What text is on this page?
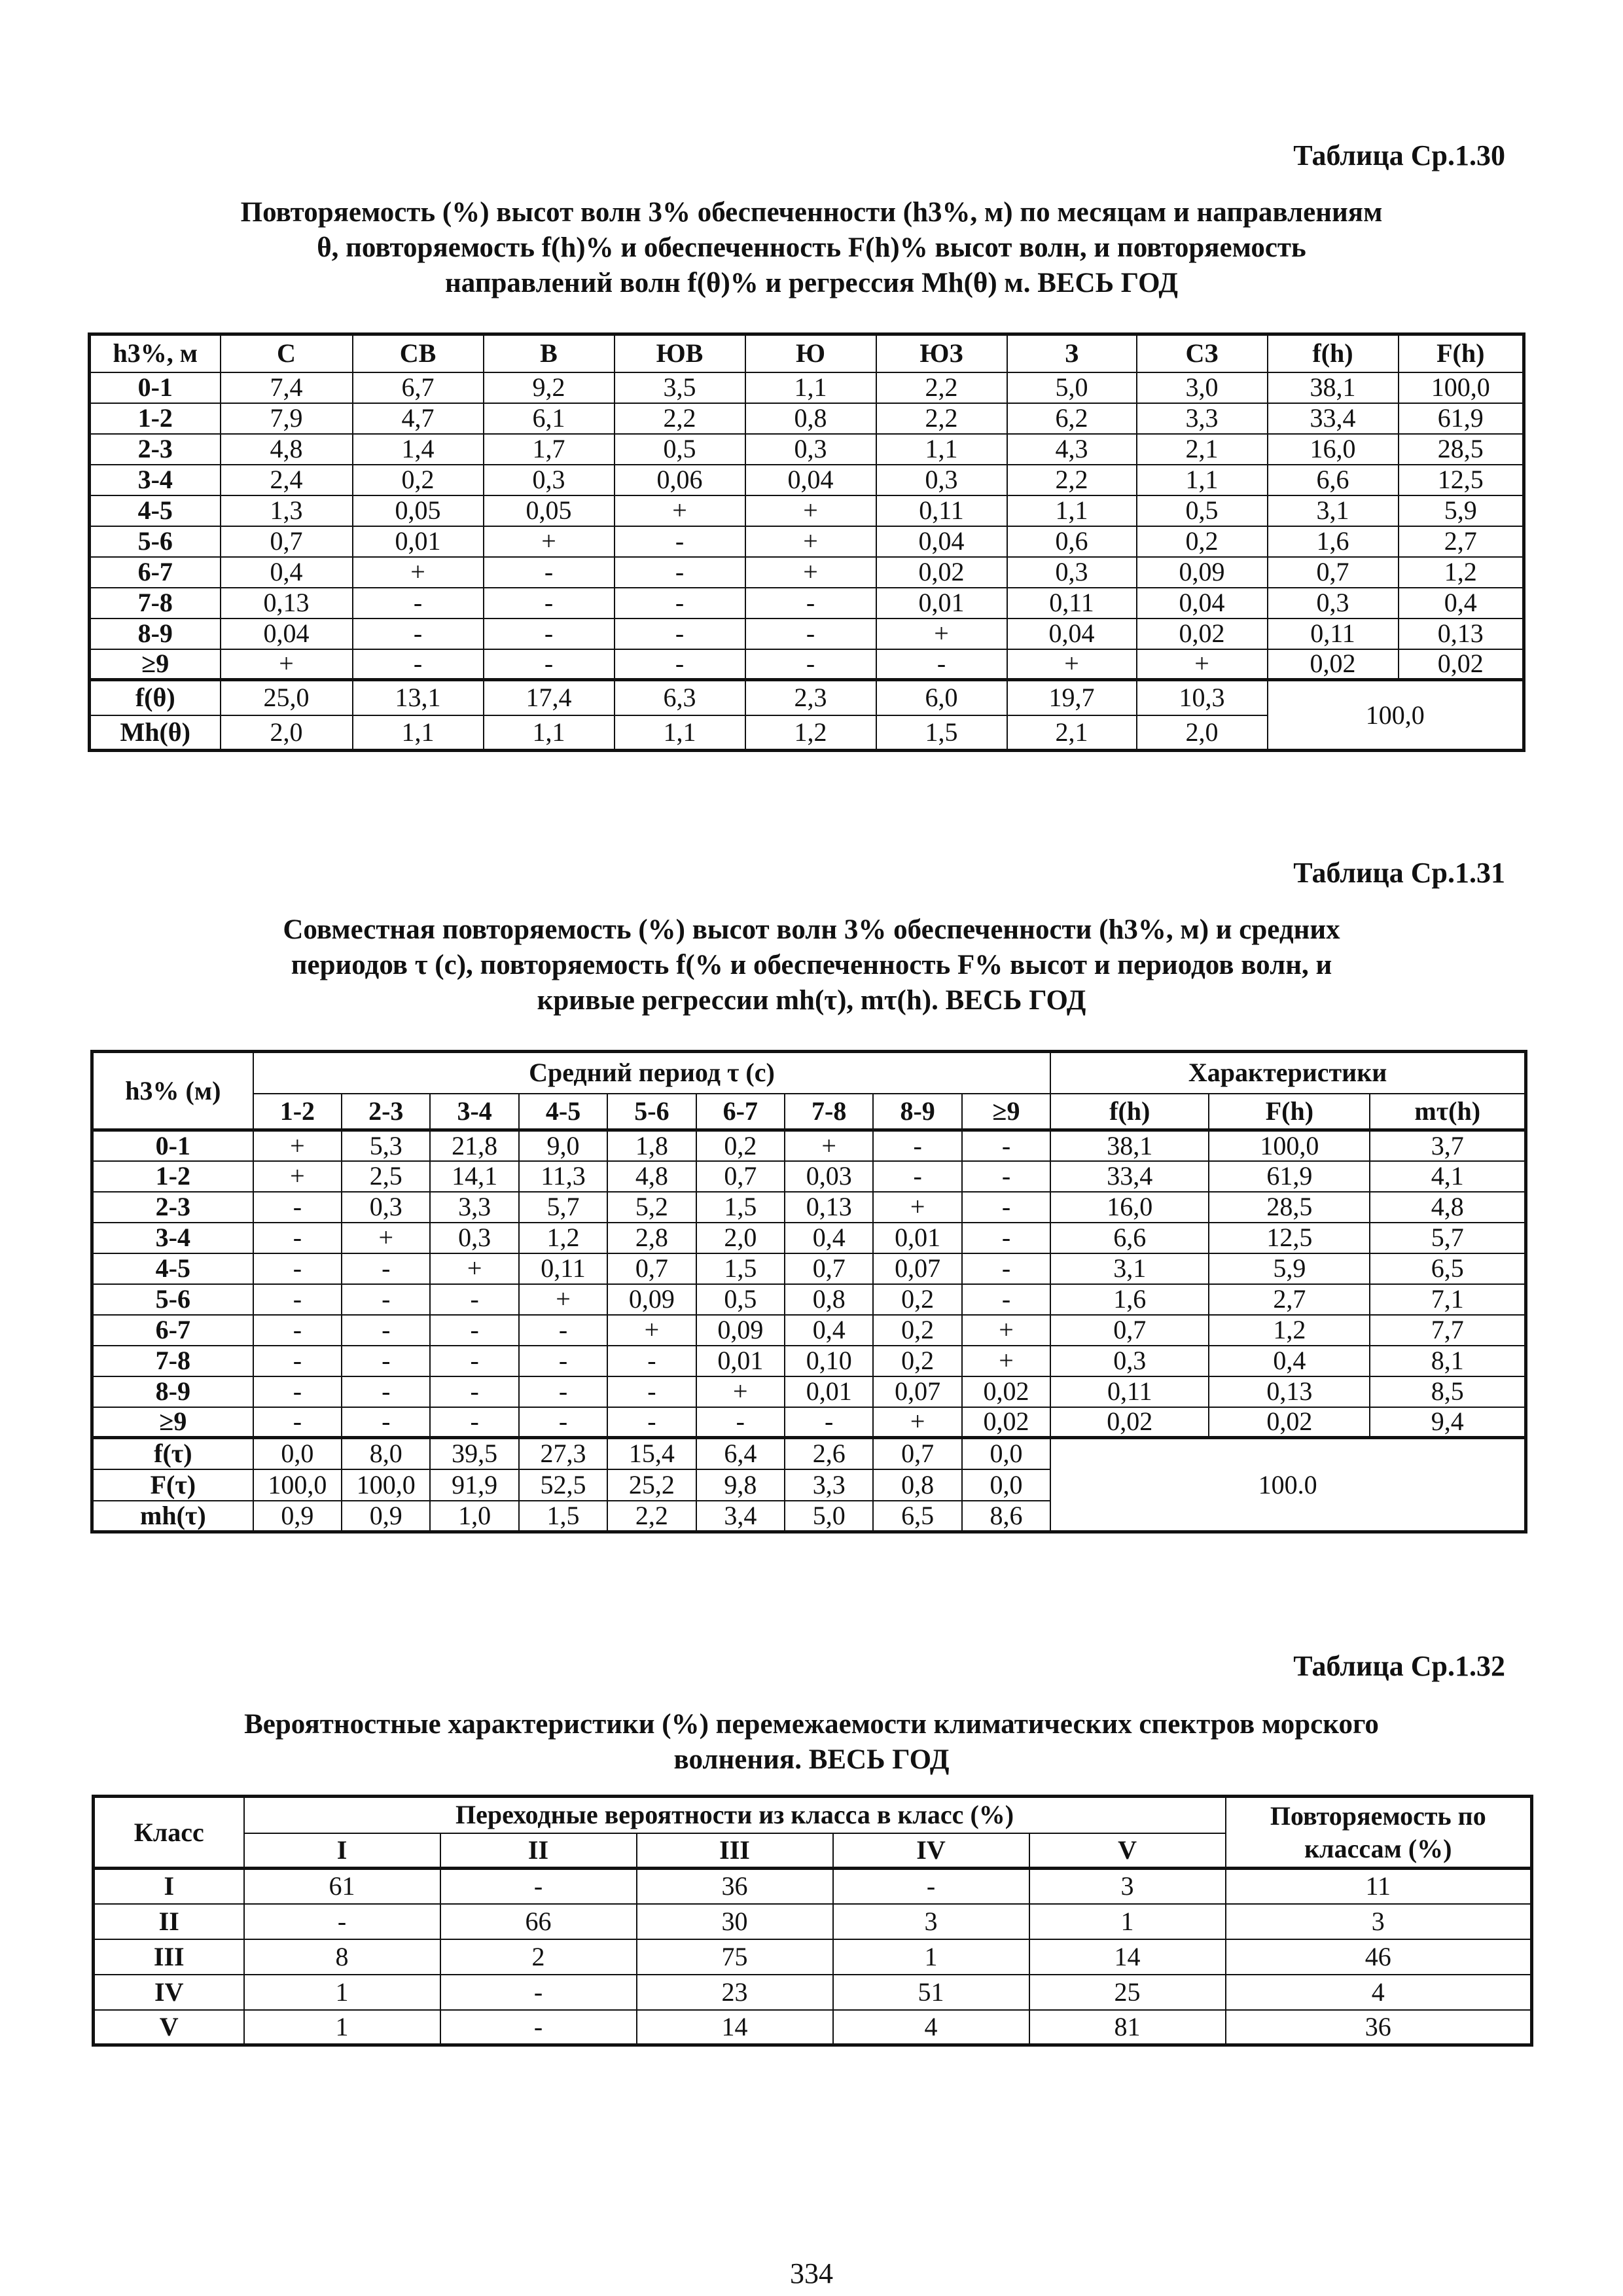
Таблица Ср.1.30
Повторяемость (%) высот волн 3% обеспеченности (h3%, м) по месяцам и направлениям
θ, повторяемость f(h)% и обеспеченность F(h)% высот волн, и повторяемость
направлений волн f(θ)% и регрессия Mh(θ) м. ВЕСЬ ГОД
h3%, м	С	СВ	В	ЮВ	Ю	ЮЗ	З	СЗ	f(h)	F(h)
0-1	7,4	6,7	9,2	3,5	1,1	2,2	5,0	3,0	38,1	100,0
1-2	7,9	4,7	6,1	2,2	0,8	2,2	6,2	3,3	33,4	61,9
2-3	4,8	1,4	1,7	0,5	0,3	1,1	4,3	2,1	16,0	28,5
3-4	2,4	0,2	0,3	0,06	0,04	0,3	2,2	1,1	6,6	12,5
4-5	1,3	0,05	0,05	+	+	0,11	1,1	0,5	3,1	5,9
5-6	0,7	0,01	+	-	+	0,04	0,6	0,2	1,6	2,7
6-7	0,4	+	-	-	+	0,02	0,3	0,09	0,7	1,2
7-8	0,13	-	-	-	-	0,01	0,11	0,04	0,3	0,4
8-9	0,04	-	-	-	-	+	0,04	0,02	0,11	0,13
≥9	+	-	-	-	-	-	+	+	0,02	0,02
f(θ)	25,0	13,1	17,4	6,3	2,3	6,0	19,7	10,3	100,0	
Mh(θ)	2,0	1,1	1,1	1,1	1,2	1,5	2,1	2,0		
Таблица Ср.1.31
Совместная повторяемость (%) высот волн 3% обеспеченности (h3%, м) и средних
периодов τ (с), повторяемость f(% и обеспеченность F% высот и периодов волн, и
кривые регрессии mh(τ), mτ(h). ВЕСЬ ГОД
h3% (м)	Средний период τ (с)									Характеристики		
	1-2	2-3	3-4	4-5	5-6	6-7	7-8	8-9	≥9	f(h)	F(h)	mτ(h)
0-1	+	5,3	21,8	9,0	1,8	0,2	+	-	-	38,1	100,0	3,7
1-2	+	2,5	14,1	11,3	4,8	0,7	0,03	-	-	33,4	61,9	4,1
2-3	-	0,3	3,3	5,7	5,2	1,5	0,13	+	-	16,0	28,5	4,8
3-4	-	+	0,3	1,2	2,8	2,0	0,4	0,01	-	6,6	12,5	5,7
4-5	-	-	+	0,11	0,7	1,5	0,7	0,07	-	3,1	5,9	6,5
5-6	-	-	-	+	0,09	0,5	0,8	0,2	-	1,6	2,7	7,1
6-7	-	-	-	-	+	0,09	0,4	0,2	+	0,7	1,2	7,7
7-8	-	-	-	-	-	0,01	0,10	0,2	+	0,3	0,4	8,1
8-9	-	-	-	-	-	+	0,01	0,07	0,02	0,11	0,13	8,5
≥9	-	-	-	-	-	-	-	+	0,02	0,02	0,02	9,4
f(τ)	0,0	8,0	39,5	27,3	15,4	6,4	2,6	0,7	0,0	100.0		
F(τ)	100,0	100,0	91,9	52,5	25,2	9,8	3,3	0,8	0,0			
mh(τ)	0,9	0,9	1,0	1,5	2,2	3,4	5,0	6,5	8,6			
Таблица Ср.1.32
Вероятностные характеристики (%) перемежаемости климатических спектров морского
волнения. ВЕСЬ ГОД
Класс	Переходные вероятности из класса в класс (%)					Повторяемость по классам (%)
	I	II	III	IV	V	
I	61	-	36	-	3	11
II	-	66	30	3	1	3
III	8	2	75	1	14	46
IV	1	-	23	51	25	4
V	1	-	14	4	81	36
334
